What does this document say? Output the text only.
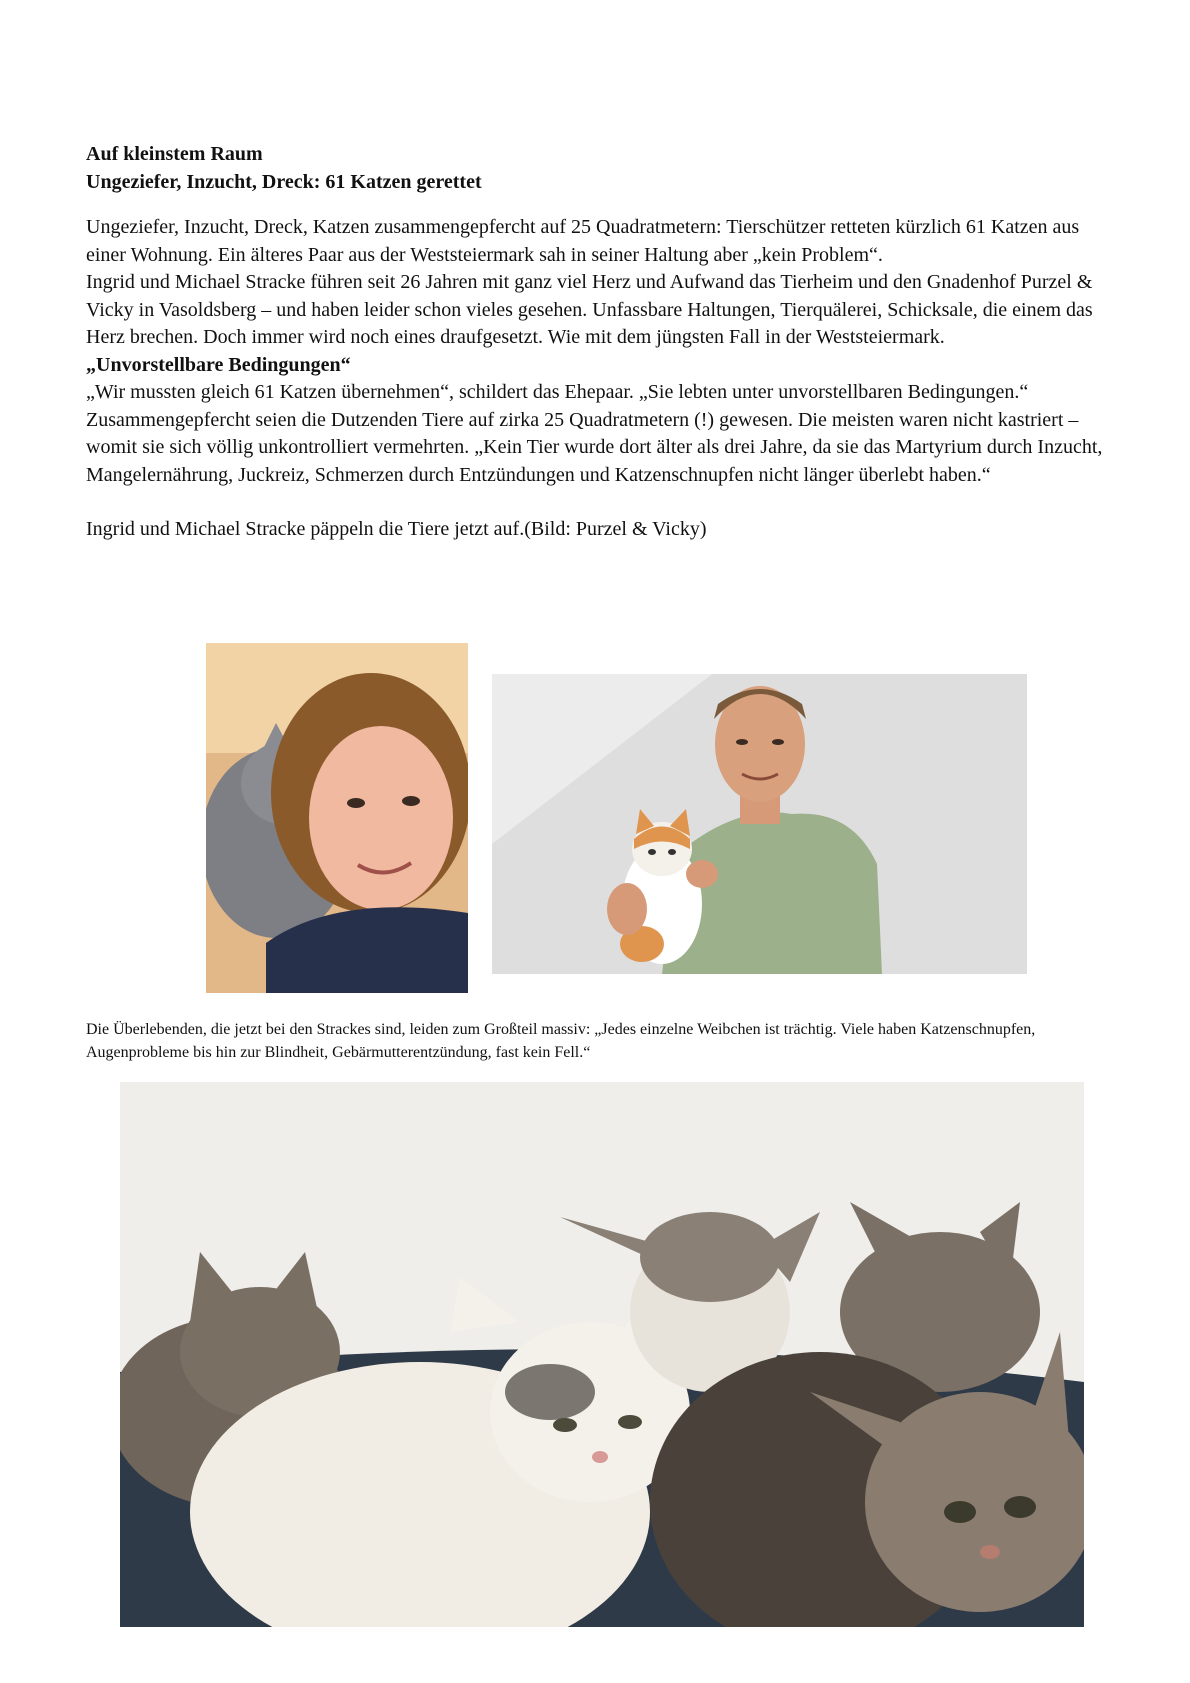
Auf kleinstem Raum

Ungeziefer, Inzucht, Dreck: 61 Katzen gerettet

Ungeziefer, Inzucht, Dreck, Katzen zusammengepfercht auf 25 Quadratmetern: Tierschützer retteten kürzlich 61 Katzen aus einer Wohnung. Ein älteres Paar aus der Weststeiermark sah in seiner Haltung aber „kein Problem“.

Ingrid und Michael Stracke führen seit 26 Jahren mit ganz viel Herz und Aufwand das Tierheim und den Gnadenhof Purzel & Vicky in Vasoldsberg – und haben leider schon vieles gesehen. Unfassbare Haltungen, Tierquälerei, Schicksale, die einem das Herz brechen. Doch immer wird noch eines draufgesetzt. Wie mit dem jüngsten Fall in der Weststeiermark.

„Unvorstellbare Bedingungen“

„Wir mussten gleich 61 Katzen übernehmen“, schildert das Ehepaar. „Sie lebten unter unvorstellbaren Bedingungen.“ Zusammengepfercht seien die Dutzenden Tiere auf zirka 25 Quadratmetern (!) gewesen. Die meisten waren nicht kastriert – womit sie sich völlig unkontrolliert vermehrten. „Kein Tier wurde dort älter als drei Jahre, da sie das Martyrium durch Inzucht, Mangelernährung, Juckreiz, Schmerzen durch Entzündungen und Katzenschnupfen nicht länger überlebt haben.“

Ingrid und Michael Stracke päppeln die Tiere jetzt auf.(Bild: Purzel & Vicky)

Die Überlebenden, die jetzt bei den Strackes sind, leiden zum Großteil massiv: „Jedes einzelne Weibchen ist trächtig. Viele haben Katzenschnupfen, Augenprobleme bis hin zur Blindheit, Gebärmutterentzündung, fast kein Fell.“
